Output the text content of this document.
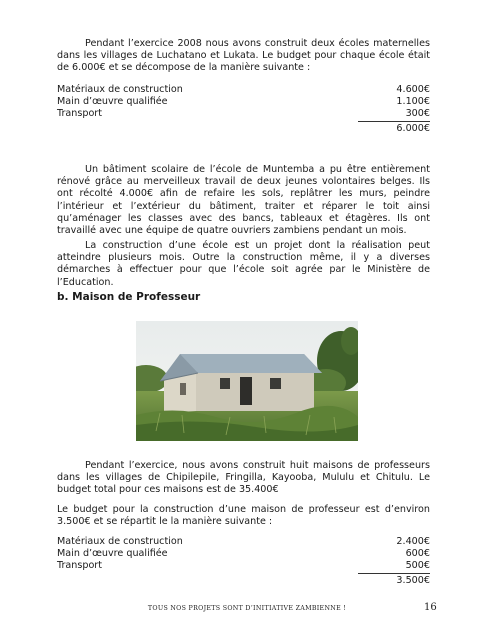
Pendant l’exercice 2008 nous avons construit deux écoles maternelles dans les villages de Luchatano et Lukata. Le budget pour chaque école était de 6.000€ et se décompose de la manière suivante :

Matériaux de construction	4.600€
Main d’œuvre qualifiée	1.100€
Transport	300€
6.000€

Un bâtiment scolaire de l’école de Muntemba a pu être entièrement rénové grâce au merveilleux travail de deux jeunes volontaires belges. Ils ont récolté 4.000€ afin de refaire les sols, replâtrer les murs, peindre l’intérieur et l’extérieur du bâtiment, traiter et réparer le toit ainsi qu’aménager les classes avec des bancs, tableaux et étagères. Ils ont travaillé avec une équipe de quatre ouvriers zambiens pendant un mois.

La construction d’une école est un projet dont la réalisation peut atteindre plusieurs mois. Outre la construction même, il y a diverses démarches à effectuer pour que l’école soit agrée par le Ministère de l’Education.

b. Maison de Professeur

Pendant l’exercice, nous avons construit huit maisons de professeurs dans les villages de Chipilepile, Fringilla, Kayooba, Mululu et Chitulu. Le budget total pour ces maisons est de 35.400€

Le budget pour la construction d’une maison de professeur est d’environ 3.500€ et se répartit le la manière suivante :

Matériaux de construction	2.400€
Main d’œuvre qualifiée	600€
Transport	500€
3.500€
TOUS NOS PROJETS SONT D’INITIATIVE ZAMBIENNE !	16
